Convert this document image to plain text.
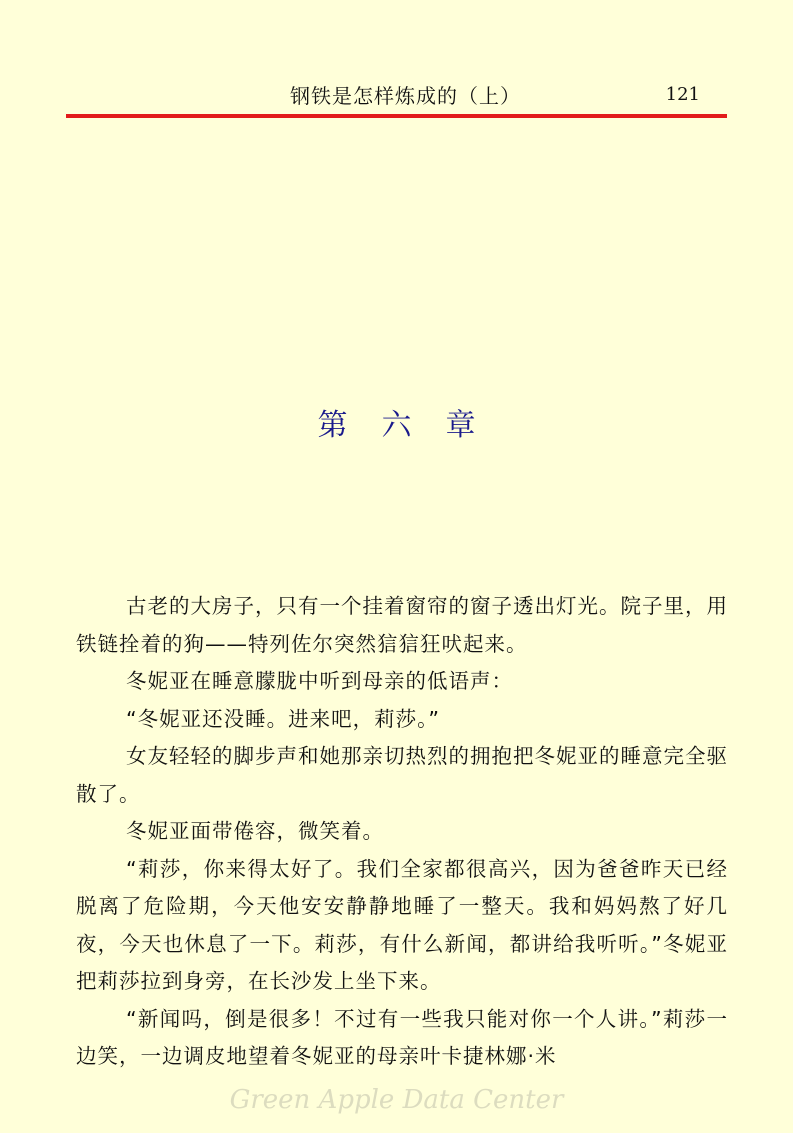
钢铁是怎样炼成的（上）	121
第六章

古老的大房子，只有一个挂着窗帘的窗子透出灯光。院子里，用铁链拴着的狗——特列佐尔突然狺狺狂吠起来。

冬妮亚在睡意朦胧中听到母亲的低语声：

“冬妮亚还没睡。进来吧，莉莎。”

女友轻轻的脚步声和她那亲切热烈的拥抱把冬妮亚的睡意完全驱散了。

冬妮亚面带倦容，微笑着。

“莉莎，你来得太好了。我们全家都很高兴，因为爸爸昨天已经脱离了危险期，今天他安安静静地睡了一整天。我和妈妈熬了好几夜，今天也休息了一下。莉莎，有什么新闻，都讲给我听听。”冬妮亚把莉莎拉到身旁，在长沙发上坐下来。

“新闻吗，倒是很多！不过有一些我只能对你一个人讲。”莉莎一边笑，一边调皮地望着冬妮亚的母亲叶卡捷林娜·米

Green Apple Data Center
